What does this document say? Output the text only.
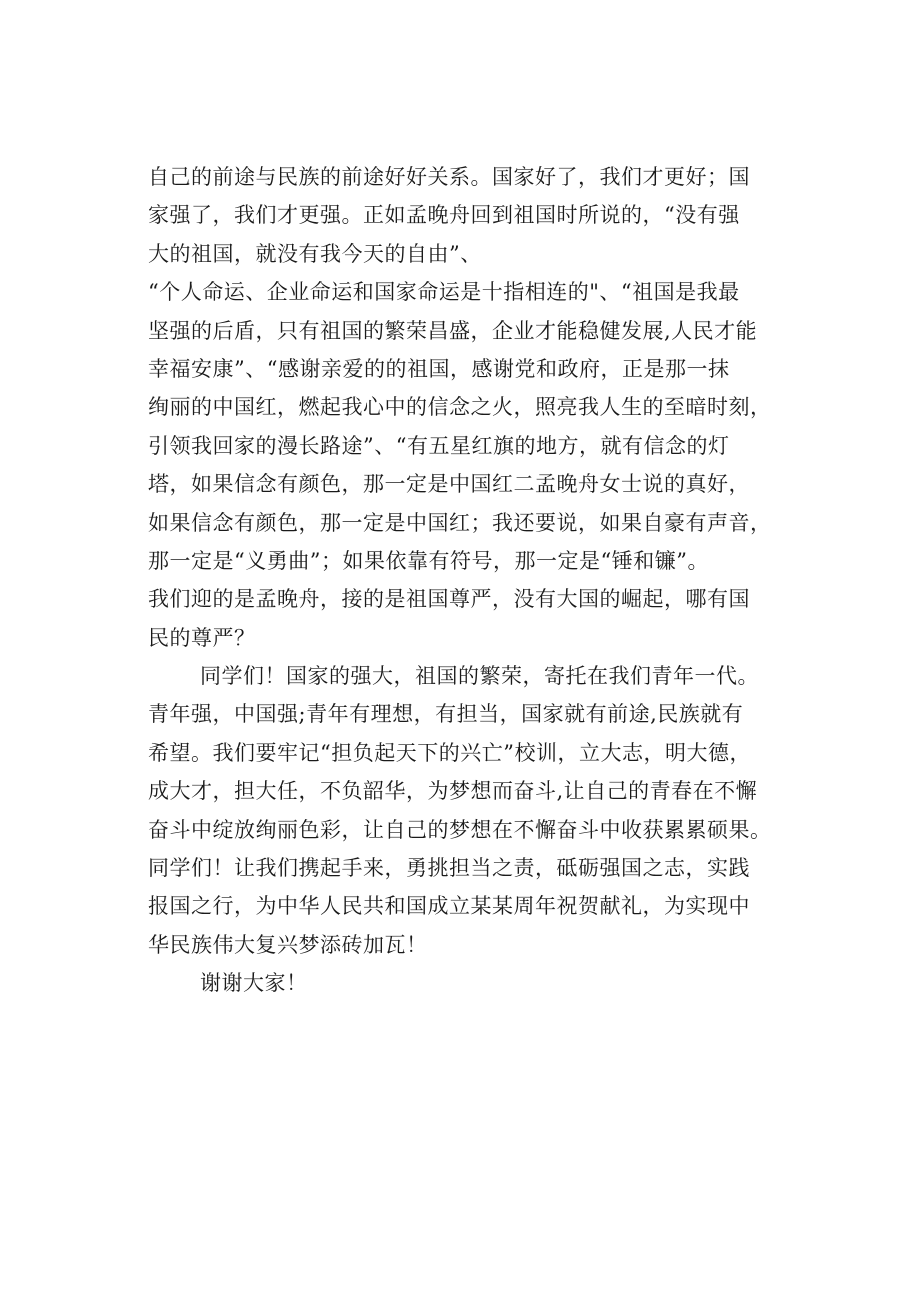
自己的前途与民族的前途好好关系。国家好了，我们才更好；国
家强了，我们才更强。正如孟晚舟回到祖国时所说的，“没有强
大的祖国，就没有我今天的自由”、
“个人命运、企业命运和国家命运是十指相连的"、“祖国是我最
坚强的后盾，只有祖国的繁荣昌盛，企业才能稳健发展,人民才能
幸福安康”、“感谢亲爱的的祖国，感谢党和政府，正是那一抹
绚丽的中国红，燃起我心中的信念之火，照亮我人生的至暗时刻，
引领我回家的漫长路途”、“有五星红旗的地方，就有信念的灯
塔，如果信念有颜色，那一定是中国红二孟晚舟女士说的真好，
如果信念有颜色，那一定是中国红；我还要说，如果自豪有声音，
那一定是“义勇曲”；如果依靠有符号，那一定是“锤和镰”。
我们迎的是孟晚舟，接的是祖国尊严，没有大国的崛起，哪有国
民的尊严？
同学们！国家的强大，祖国的繁荣，寄托在我们青年一代。
青年强，中国强;青年有理想，有担当，国家就有前途,民族就有
希望。我们要牢记“担负起天下的兴亡”校训，立大志，明大德，
成大才，担大任，不负韶华，为梦想而奋斗,让自己的青春在不懈
奋斗中绽放绚丽色彩，让自己的梦想在不懈奋斗中收获累累硕果。
同学们！让我们携起手来，勇挑担当之责，砥砺强国之志，实践
报国之行，为中华人民共和国成立某某周年祝贺献礼，为实现中
华民族伟大复兴梦添砖加瓦！
谢谢大家！
